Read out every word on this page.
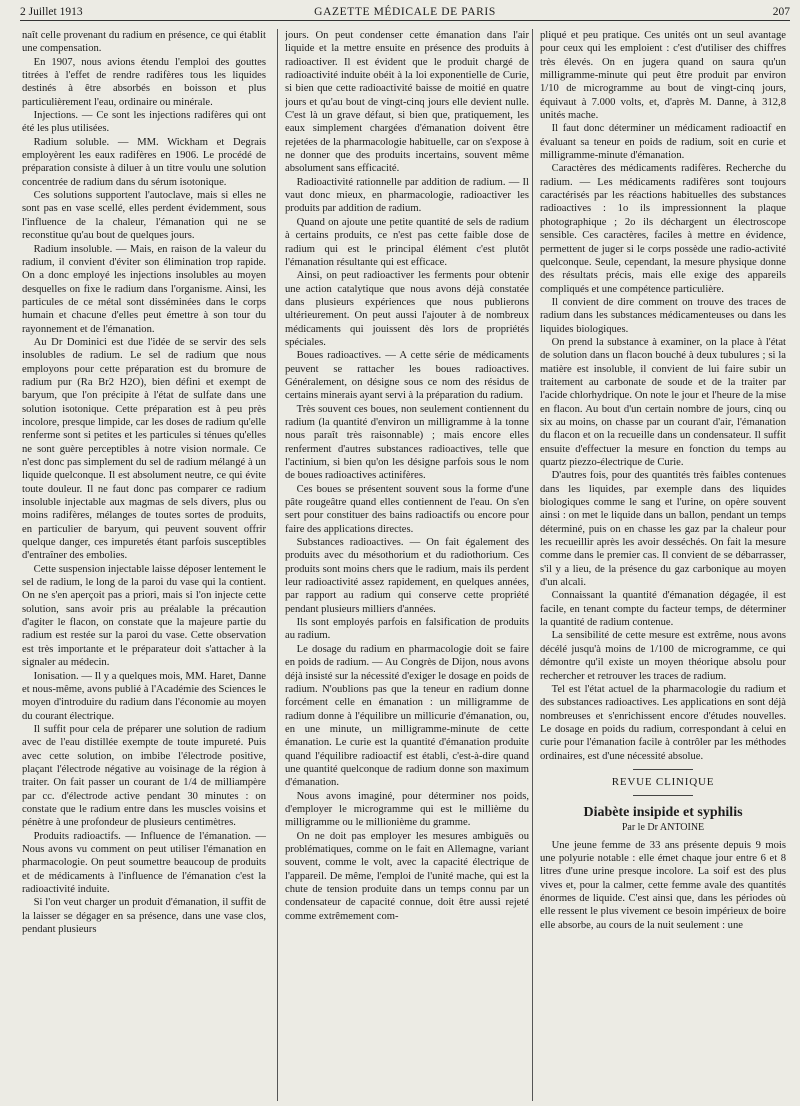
2 Juillet 1913	GAZETTE MÉDICALE DE PARIS	207

naît celle provenant du radium en présence, ce qui établit une compensation.

En 1907, nous avions étendu l'emploi des gouttes titrées à l'effet de rendre radifères tous les liquides destinés à être absorbés en boisson et plus particulièrement l'eau, ordinaire ou minérale.

Injections. — Ce sont les injections radifères qui ont été les plus utilisées.

Radium soluble. — MM. Wickham et Degrais employèrent les eaux radifères en 1906. Le procédé de préparation consiste à diluer à un titre voulu une solution concentrée de radium dans du sérum isotonique.

Ces solutions supportent l'autoclave, mais si elles ne sont pas en vase scellé, elles perdent évidemment, sous l'influence de la chaleur, l'émanation qui ne se reconstitue qu'au bout de quelques jours.

Radium insoluble. — Mais, en raison de la valeur du radium, il convient d'éviter son élimination trop rapide. On a donc employé les injections insolubles au moyen desquelles on fixe le radium dans l'organisme. Ainsi, les particules de ce métal sont disséminées dans le corps humain et chacune d'elles peut émettre à son tour du rayonnement et de l'émanation.

Au Dr Dominici est due l'idée de se servir des sels insolubles de radium. Le sel de radium que nous employons pour cette préparation est du bromure de radium pur (Ra Br2 H2O), bien défini et exempt de baryum, que l'on précipite à l'état de sulfate dans une solution isotonique. Cette préparation est à peu près incolore, presque limpide, car les doses de radium qu'elle renferme sont si petites et les particules si ténues qu'elles ne sont guère perceptibles à notre vision normale. Ce n'est donc pas simplement du sel de radium mélangé à un liquide quelconque. Il est absolument neutre, ce qui évite toute douleur. Il ne faut donc pas comparer ce radium insoluble injectable aux magmas de sels divers, plus ou moins radifères, mélanges de toutes sortes de produits, en particulier de baryum, qui peuvent souvent offrir quelque danger, ces impuretés étant parfois susceptibles d'entraîner des embolies.

Cette suspension injectable laisse déposer lentement le sel de radium, le long de la paroi du vase qui la contient. On ne s'en aperçoit pas a priori, mais si l'on injecte cette solution, sans avoir pris au préalable la précaution d'agiter le flacon, on constate que la majeure partie du radium est restée sur la paroi du vase. Cette observation est très importante et le préparateur doit s'attacher à la signaler au médecin.

Ionisation. — Il y a quelques mois, MM. Haret, Danne et nous-même, avons publié à l'Académie des Sciences le moyen d'introduire du radium dans l'économie au moyen du courant électrique.

Il suffit pour cela de préparer une solution de radium avec de l'eau distillée exempte de toute impureté. Puis avec cette solution, on imbibe l'électrode positive, plaçant l'électrode négative au voisinage de la région à traiter. On fait passer un courant de 1/4 de milliampère par cc. d'électrode active pendant 30 minutes : on constate que le radium entre dans les muscles voisins et pénètre à une profondeur de plusieurs centimètres.

Produits radioactifs. — Influence de l'émanation. — Nous avons vu comment on peut utiliser l'émanation en pharmacologie. On peut soumettre beaucoup de produits et de médicaments à l'influence de l'émanation c'est la radioactivité induite.

Si l'on veut charger un produit d'émanation, il suffit de la laisser se dégager en sa présence, dans une vase clos, pendant plusieurs

jours. On peut condenser cette émanation dans l'air liquide et la mettre ensuite en présence des produits à radioactiver. Il est évident que le produit chargé de radioactivité induite obéit à la loi exponentielle de Curie, si bien que cette radioactivité baisse de moitié en quatre jours et qu'au bout de vingt-cinq jours elle devient nulle. C'est là un grave défaut, si bien que, pratiquement, les eaux simplement chargées d'émanation doivent être rejetées de la pharmacologie habituelle, car on s'expose à ne donner que des produits incertains, souvent même absolument sans efficacité.

Radioactivité rationnelle par addition de radium. — Il vaut donc mieux, en pharmacologie, radioactiver les produits par addition de radium.

Quand on ajoute une petite quantité de sels de radium à certains produits, ce n'est pas cette faible dose de radium qui est le principal élément c'est plutôt l'émanation résultante qui est efficace.

Ainsi, on peut radioactiver les ferments pour obtenir une action catalytique que nous avons déjà constatée dans plusieurs expériences que nous publierons ultérieurement. On peut aussi l'ajouter à de nombreux médicaments qui jouissent dès lors de propriétés spéciales.

Boues radioactives. — A cette série de médicaments peuvent se rattacher les boues radioactives. Généralement, on désigne sous ce nom des résidus de certains minerais ayant servi à la préparation du radium.

Très souvent ces boues, non seulement contiennent du radium (la quantité d'environ un milligramme à la tonne nous paraît très raisonnable) ; mais encore elles renferment d'autres substances radioactives, telle que l'actinium, si bien qu'on les désigne parfois sous le nom de boues radioactives actinifères.

Ces boues se présentent souvent sous la forme d'une pâte rougeâtre quand elles contiennent de l'eau. On s'en sert pour constituer des bains radioactifs ou encore pour faire des applications directes.

Substances radioactives. — On fait également des produits avec du mésothorium et du radiothorium. Ces produits sont moins chers que le radium, mais ils perdent leur radioactivité assez rapidement, en quelques années, par rapport au radium qui conserve cette propriété pendant plusieurs milliers d'années.

Ils sont employés parfois en falsification de produits au radium.

Le dosage du radium en pharmacologie doit se faire en poids de radium. — Au Congrès de Dijon, nous avons déjà insisté sur la nécessité d'exiger le dosage en poids de radium. N'oublions pas que la teneur en radium donne forcément celle en émanation : un milligramme de radium donne à l'équilibre un millicurie d'émanation, ou, en une minute, un milligramme-minute de cette émanation. Le curie est la quantité d'émanation produite quand l'équilibre radioactif est établi, c'est-à-dire quand une quantité quelconque de radium donne son maximum d'émanation.

Nous avons imaginé, pour déterminer nos poids, d'employer le microgramme qui est le millième du milligramme ou le millionième du gramme.

On ne doit pas employer les mesures ambiguës ou problématiques, comme on le fait en Allemagne, variant souvent, comme le volt, avec la capacité électrique de l'appareil. De même, l'emploi de l'unité mache, qui est la chute de tension produite dans un temps connu par un condensateur de capacité connue, doit être aussi rejeté comme extrêmement com-

pliqué et peu pratique. Ces unités ont un seul avantage pour ceux qui les emploient : c'est d'utiliser des chiffres très élevés. On en jugera quand on saura qu'un milligramme-minute qui peut être produit par environ 1/10 de microgramme au bout de vingt-cinq jours, équivaut à 7.000 volts, et, d'après M. Danne, à 312,8 unités mache.

Il faut donc déterminer un médicament radioactif en évaluant sa teneur en poids de radium, soit en curie et milligramme-minute d'émanation.

Caractères des médicaments radifères. Recherche du radium. — Les médicaments radifères sont toujours caractérisés par les réactions habituelles des substances radioactives : 1o ils impressionnent la plaque photographique ; 2o ils déchargent un électroscope sensible. Ces caractères, faciles à mettre en évidence, permettent de juger si le corps possède une radio-activité quelconque. Seule, cependant, la mesure physique donne des résultats précis, mais elle exige des appareils compliqués et une compétence particulière.

Il convient de dire comment on trouve des traces de radium dans les substances médicamenteuses ou dans les liquides biologiques.

On prend la substance à examiner, on la place à l'état de solution dans un flacon bouché à deux tubulures ; si la matière est insoluble, il convient de lui faire subir un traitement au carbonate de soude et de la traiter par l'acide chlorhydrique. On note le jour et l'heure de la mise en flacon. Au bout d'un certain nombre de jours, cinq ou six au moins, on chasse par un courant d'air, l'émanation du flacon et on la recueille dans un condensateur. Il suffit ensuite d'effectuer la mesure en fonction du temps au quartz piezzo-électrique de Curie.

D'autres fois, pour des quantités très faibles contenues dans les liquides, par exemple dans des liquides biologiques comme le sang et l'urine, on opère souvent ainsi : on met le liquide dans un ballon, pendant un temps déterminé, puis on en chasse les gaz par la chaleur pour les recueillir après les avoir desséchés. On fait la mesure comme dans le premier cas. Il convient de se débarrasser, s'il y a lieu, de la présence du gaz carbonique au moyen d'un alcali.

Connaissant la quantité d'émanation dégagée, il est facile, en tenant compte du facteur temps, de déterminer la quantité de radium contenue.

La sensibilité de cette mesure est extrême, nous avons décélé jusqu'à moins de 1/100 de microgramme, ce qui démontre qu'il existe un moyen théorique absolu pour rechercher et retrouver les traces de radium.

Tel est l'état actuel de la pharmacologie du radium et des substances radioactives. Les applications en sont déjà nombreuses et s'enrichissent encore d'études nouvelles. Le dosage en poids du radium, correspondant à celui en curie pour l'émanation facile à contrôler par les méthodes ordinaires, est d'une nécessité absolue.

REVUE CLINIQUE

Diabète insipide et syphilis

Par le Dr ANTOINE

Une jeune femme de 33 ans présente depuis 9 mois une polyurie notable : elle émet chaque jour entre 6 et 8 litres d'une urine presque incolore. La soif est des plus vives et, pour la calmer, cette femme avale des quantités énormes de liquide. C'est ainsi que, dans les périodes où elle ressent le plus vivement ce besoin impérieux de boire elle absorbe, au cours de la nuit seulement : une
